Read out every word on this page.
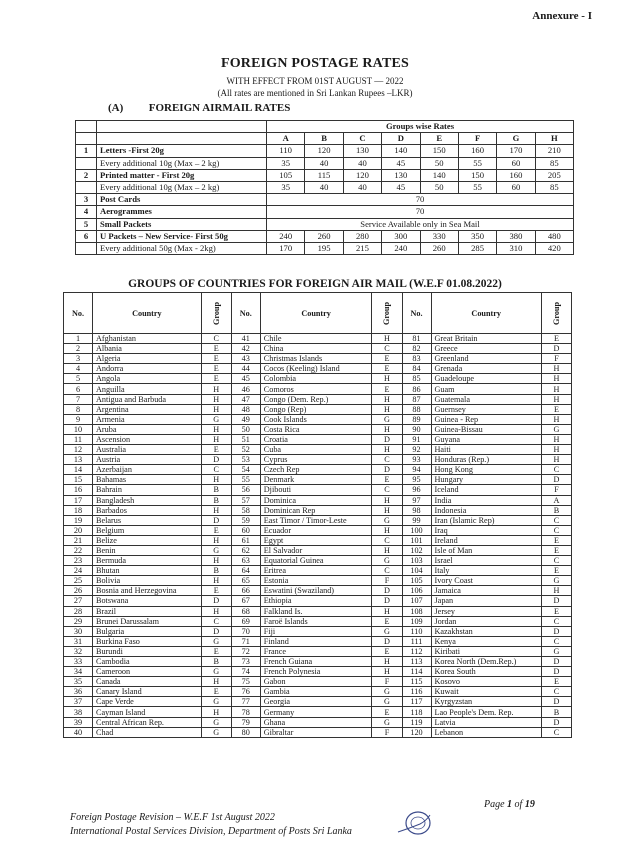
Annexure - I
FOREIGN POSTAGE RATES
WITH EFFECT FROM 01ST AUGUST — 2022
(All rates are mentioned in Sri Lankan Rupees –LKR)
(A) FOREIGN AIRMAIL RATES
		Groups wise Rates							
		A	B	C	D	E	F	G	H
1	Letters -First 20g	110	120	130	140	150	160	170	210
	Every additional 10g (Max – 2 kg)	35	40	40	45	50	55	60	85
2	Printed matter - First 20g	105	115	120	130	140	150	160	205
	Every additional 10g (Max – 2 kg)	35	40	40	45	50	55	60	85
3	Post Cards	70							
4	Aerogrammes	70							
5	Small Packets	Service Available only in Sea Mail							
6	U Packets – New Service- First 50g	240	260	280	300	330	350	380	480
	Every additional 50g (Max - 2kg)	170	195	215	240	260	285	310	420
GROUPS OF COUNTRIES FOR FOREIGN AIR MAIL (W.E.F 01.08.2022)
No.	Country	Group	No.	Country	Group	No.	Country	Group
1	Afghanistan	C	41	Chile	H	81	Great Britain	E
2	Albania	E	42	China	C	82	Greece	D
3	Algeria	E	43	Christmas Islands	E	83	Greenland	F
4	Andorra	E	44	Cocos (Keeling) Island	E	84	Grenada	H
5	Angola	E	45	Colombia	H	85	Guadeloupe	H
6	Anguilla	H	46	Comoros	E	86	Guam	H
7	Antigua and Barbuda	H	47	Congo (Dem. Rep.)	H	87	Guatemala	H
8	Argentina	H	48	Congo (Rep)	H	88	Guernsey	E
9	Armenia	G	49	Cook Islands	G	89	Guinea - Rep	H
10	Aruba	H	50	Costa Rica	H	90	Guinea-Bissau	G
11	Ascension	H	51	Croatia	D	91	Guyana	H
12	Australia	E	52	Cuba	H	92	Haiti	H
13	Austria	D	53	Cyprus	C	93	Honduras (Rep.)	H
14	Azerbaijan	C	54	Czech Rep	D	94	Hong Kong	C
15	Bahamas	H	55	Denmark	E	95	Hungary	D
16	Bahrain	B	56	Djibouti	C	96	Iceland	F
17	Bangladesh	B	57	Dominica	H	97	India	A
18	Barbados	H	58	Dominican Rep	H	98	Indonesia	B
19	Belarus	D	59	East Timor / Timor-Leste	G	99	Iran (Islamic Rep)	C
20	Belgium	E	60	Ecuador	H	100	Iraq	C
21	Belize	H	61	Egypt	C	101	Ireland	E
22	Benin	G	62	El Salvador	H	102	Isle of Man	E
23	Bermuda	H	63	Equatorial Guinea	G	103	Israel	C
24	Bhutan	B	64	Eritrea	C	104	Italy	E
25	Bolivia	H	65	Estonia	F	105	Ivory Coast	G
26	Bosnia and Herzegovina	E	66	Eswatini (Swaziland)	D	106	Jamaica	H
27	Botswana	D	67	Ethiopia	D	107	Japan	D
28	Brazil	H	68	Falkland Is.	H	108	Jersey	E
29	Brunei Darussalam	C	69	Faroë Islands	E	109	Jordan	C
30	Bulgaria	D	70	Fiji	G	110	Kazakhstan	D
31	Burkina Faso	G	71	Finland	D	111	Kenya	C
32	Burundi	E	72	France	E	112	Kiribati	G
33	Cambodia	B	73	French Guiana	H	113	Korea North (Dem.Rep.)	D
34	Cameroon	G	74	French Polynesia	H	114	Korea South	D
35	Canada	H	75	Gabon	F	115	Kosovo	E
36	Canary Island	E	76	Gambia	G	116	Kuwait	C
37	Cape Verde	G	77	Georgia	G	117	Kyrgyzstan	D
38	Cayman Island	H	78	Germany	E	118	Lao People's Dem. Rep.	B
39	Central African Rep.	G	79	Ghana	G	119	Latvia	D
40	Chad	G	80	Gibraltar	F	120	Lebanon	C
Page 1 of 19
Foreign Postage Revision – W.E.F 1st August 2022
International Postal Services Division, Department of Posts Sri Lanka
